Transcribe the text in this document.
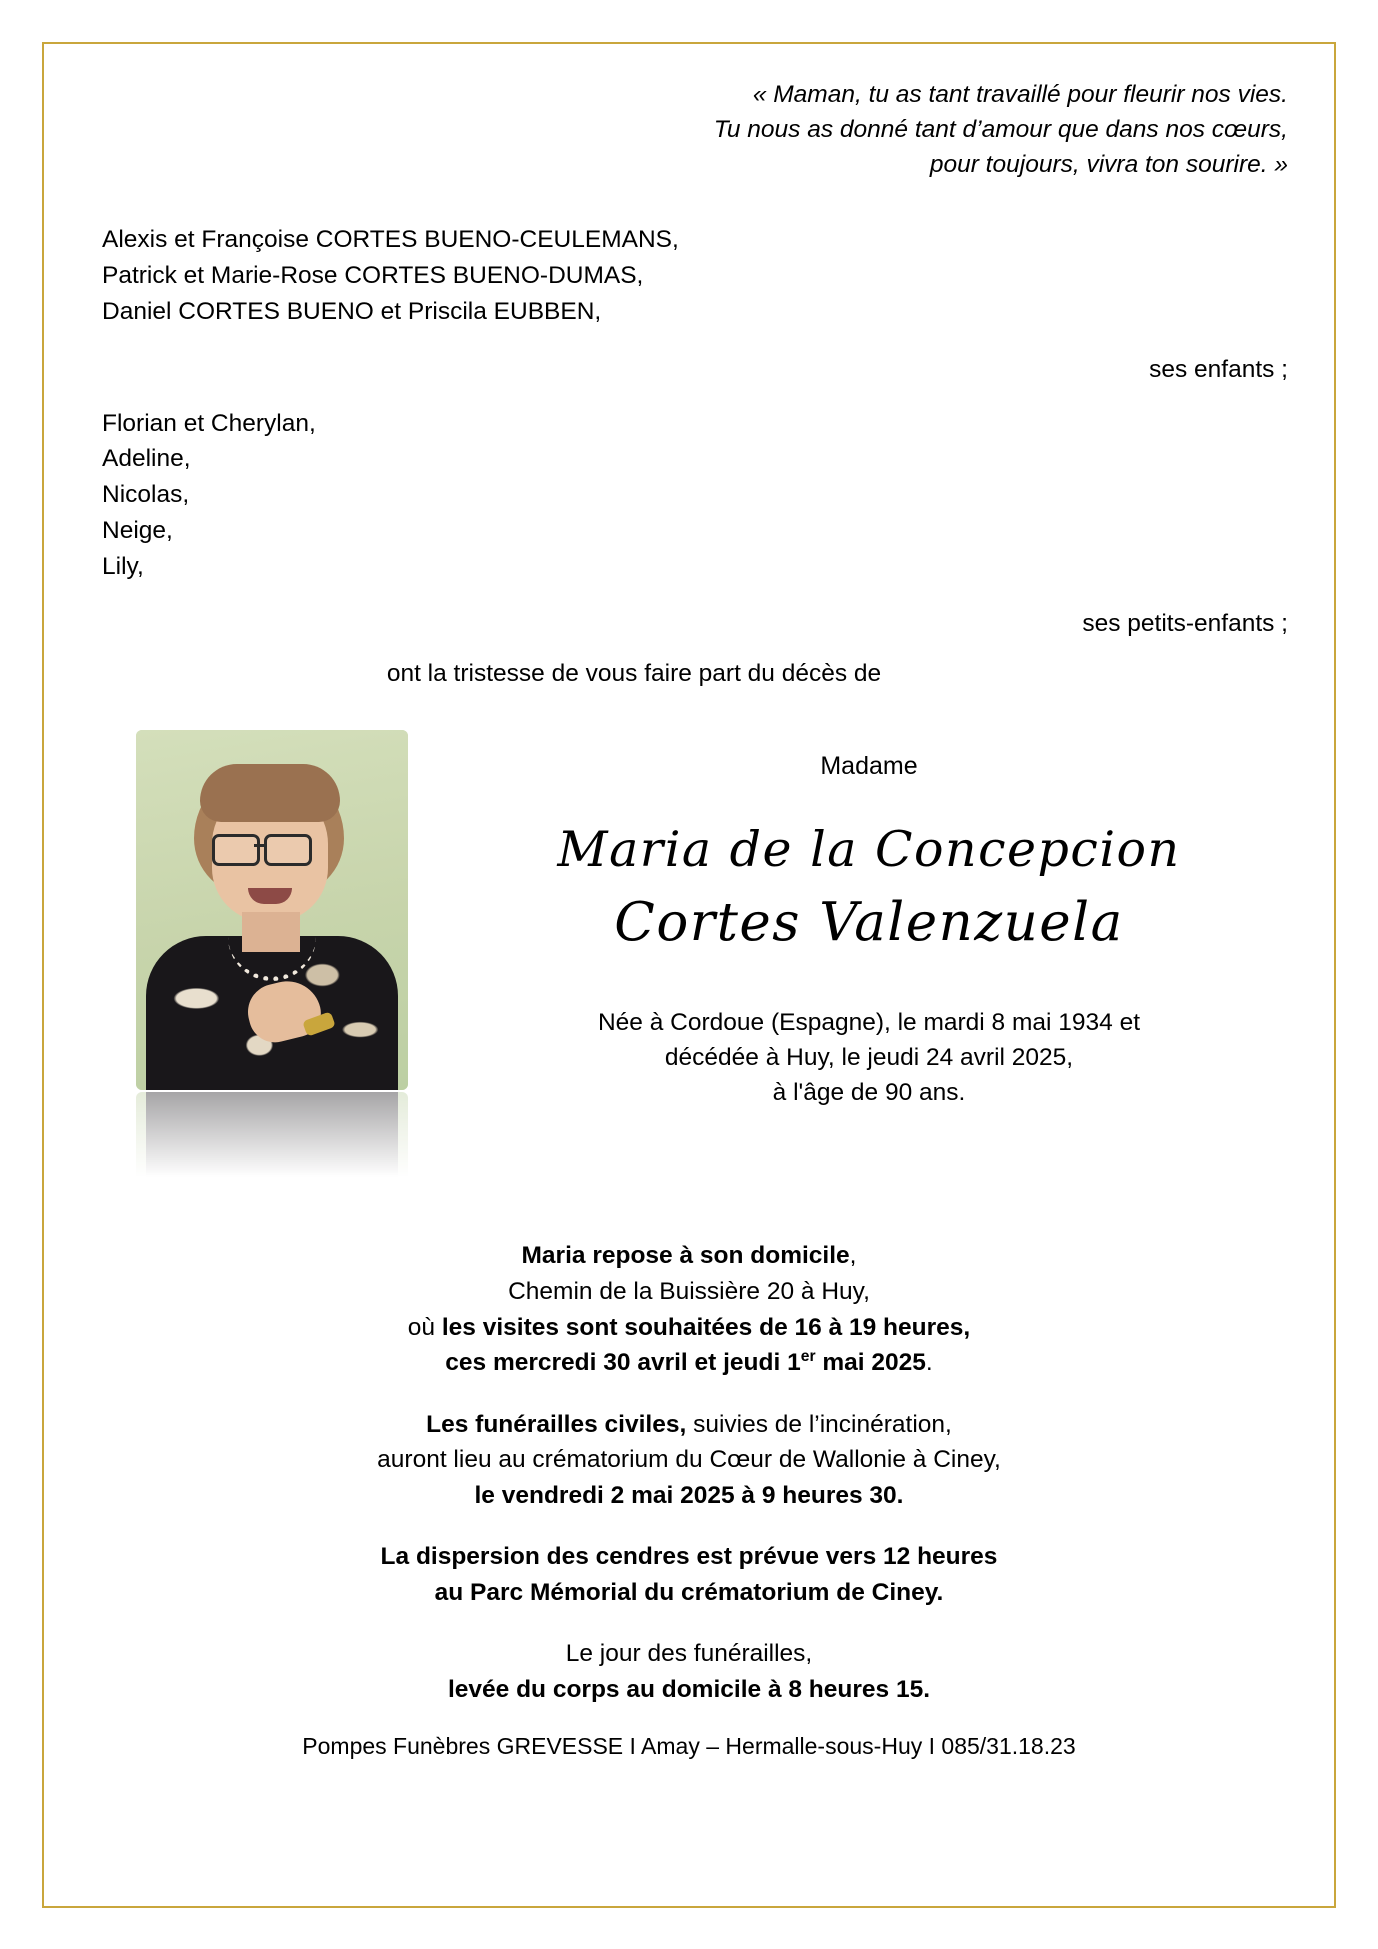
« Maman, tu as tant travaillé pour fleurir nos vies.
Tu nous as donné tant d’amour que dans nos cœurs,
pour toujours, vivra ton sourire. »
Alexis et Françoise CORTES BUENO-CEULEMANS,
Patrick et Marie-Rose CORTES BUENO-DUMAS,
Daniel CORTES BUENO et Priscila EUBBEN,
ses enfants ;
Florian et Cherylan,
Adeline,
Nicolas,
Neige,
Lily,
ses petits-enfants ;
ont la tristesse de vous faire part du décès de
Madame
Maria de la Concepcion
Cortes Valenzuela
Née à Cordoue (Espagne), le mardi 8 mai 1934 et
décédée à Huy, le jeudi 24 avril 2025,
à l'âge de 90 ans.

Maria repose à son domicile,
Chemin de la Buissière 20 à Huy,
où les visites sont souhaitées de 16 à 19 heures,
ces mercredi 30 avril et jeudi 1er mai 2025.

Les funérailles civiles, suivies de l’incinération,
auront lieu au crématorium du Cœur de Wallonie à Ciney,
le vendredi 2 mai 2025 à 9 heures 30.

La dispersion des cendres est prévue vers 12 heures
au Parc Mémorial du crématorium de Ciney.

Le jour des funérailles,
levée du corps au domicile à 8 heures 15.

Pompes Funèbres GREVESSE I Amay – Hermalle-sous-Huy I 085/31.18.23
